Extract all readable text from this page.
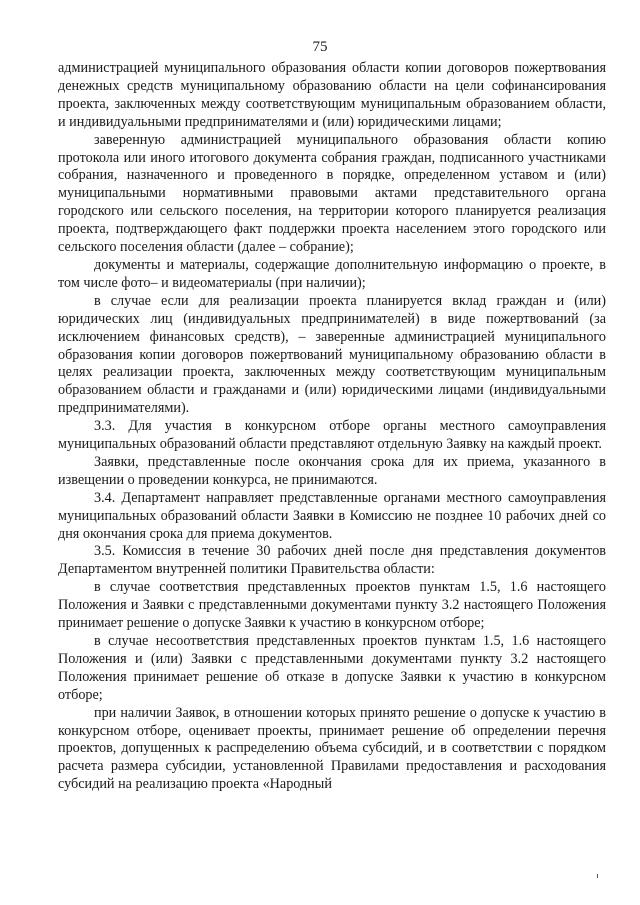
75

администрацией муниципального образования области копии договоров пожертвования денежных средств муниципальному образованию области на цели софинансирования проекта, заключенных между соответствующим муниципальным образованием области, и индивидуальными предпринимателями и (или) юридическими лицами;

заверенную администрацией муниципального образования области копию протокола или иного итогового документа собрания граждан, подписанного участниками собрания, назначенного и проведенного в порядке, определенном уставом и (или) муниципальными нормативными правовыми актами представительного органа городского или сельского поселения, на территории которого планируется реализация проекта, подтверждающего факт поддержки проекта населением этого городского или сельского поселения области (далее – собрание);

документы и материалы, содержащие дополнительную информацию о проекте, в том числе фото– и видеоматериалы (при наличии);

в случае если для реализации проекта планируется вклад граждан и (или) юридических лиц (индивидуальных предпринимателей) в виде пожертвований (за исключением финансовых средств), – заверенные администрацией муниципального образования копии договоров пожертвований муниципальному образованию области в целях реализации проекта, заключенных между соответствующим муниципальным образованием области и гражданами и (или) юридическими лицами (индивидуальными предпринимателями).

3.3. Для участия в конкурсном отборе органы местного самоуправления муниципальных образований области представляют отдельную Заявку на каждый проект.

Заявки, представленные после окончания срока для их приема, указанного в извещении о проведении конкурса, не принимаются.

3.4. Департамент направляет представленные органами местного самоуправления муниципальных образований области Заявки в Комиссию не позднее 10 рабочих дней со дня окончания срока для приема документов.

3.5. Комиссия в течение 30 рабочих дней после дня представления документов Департаментом внутренней политики Правительства области:

в случае соответствия представленных проектов пунктам 1.5, 1.6 настоящего Положения и Заявки с представленными документами пункту 3.2 настоящего Положения принимает решение о допуске Заявки к участию в конкурсном отборе;

в случае несоответствия представленных проектов пунктам 1.5, 1.6 настоящего Положения и (или) Заявки с представленными документами пункту 3.2 настоящего Положения принимает решение об отказе в допуске Заявки к участию в конкурсном отборе;

при наличии Заявок, в отношении которых принято решение о допуске к участию в конкурсном отборе, оценивает проекты, принимает решение об определении перечня проектов, допущенных к распределению объема субсидий, и в соответствии с порядком расчета размера субсидии, установленной Правилами предоставления и расходования субсидий на реализацию проекта «Народный
